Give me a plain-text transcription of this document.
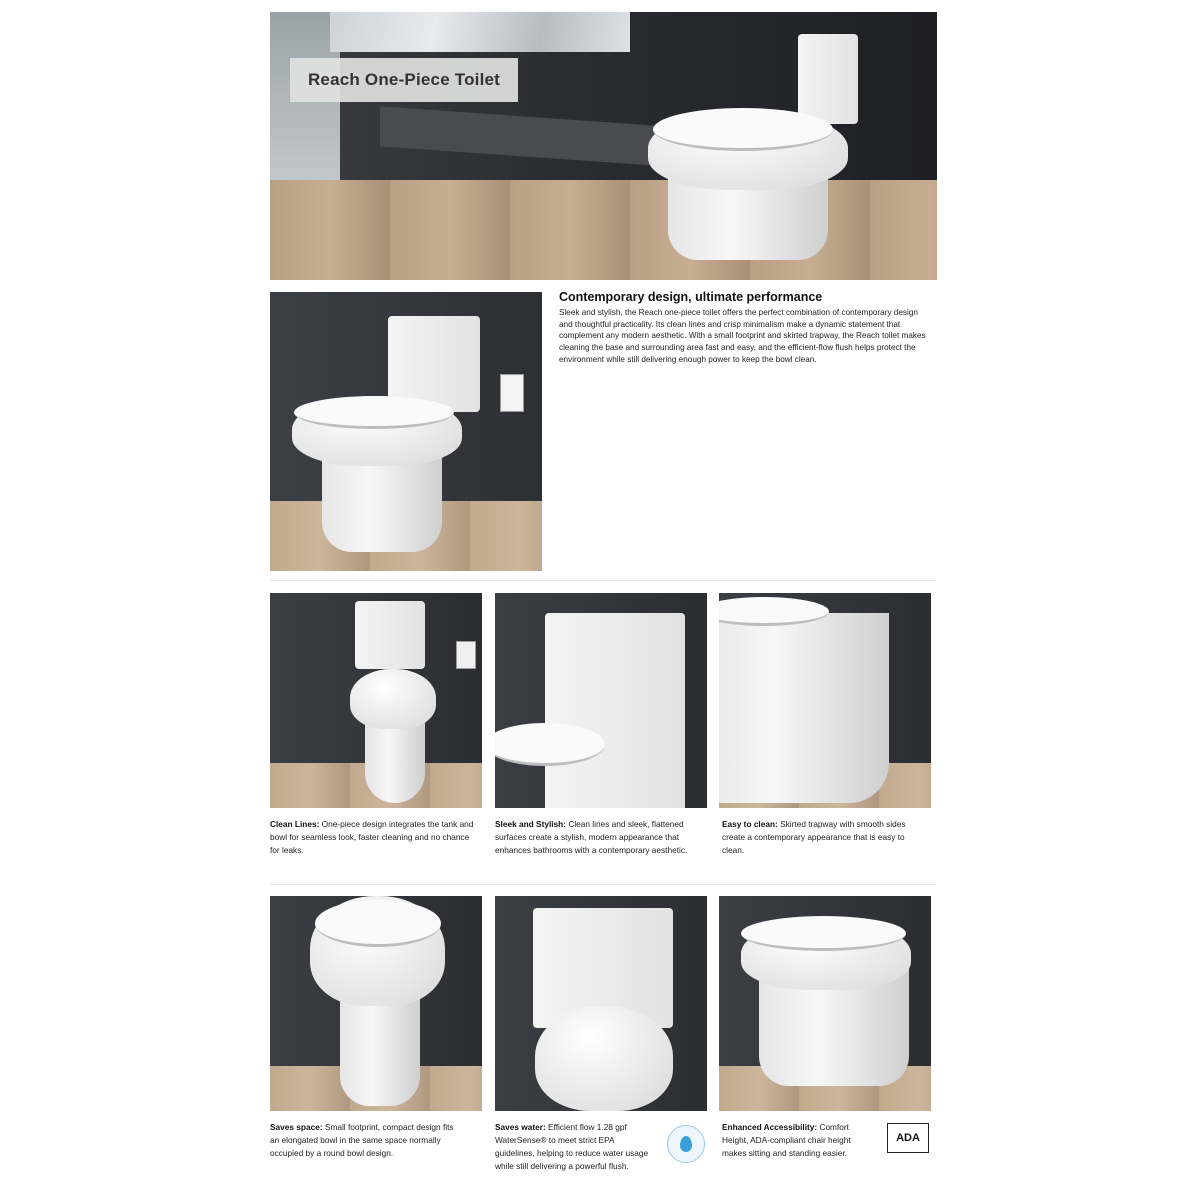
Reach One-Piece Toilet
Contemporary design, ultimate performance

Sleek and stylish, the Reach one-piece toilet offers the perfect combination of contemporary design and thoughtful practicality. Its clean lines and crisp minimalism make a dynamic statement that complement any modern aesthetic. With a small footprint and skirted trapway, the Reach toilet makes cleaning the base and surrounding area fast and easy, and the efficient-flow flush helps protect the environment while still delivering enough power to keep the bowl clean.

Clean Lines: One-piece design integrates the tank and bowl for seamless look, faster cleaning and no chance for leaks.

Sleek and Stylish: Clean lines and sleek, flattened surfaces create a stylish, modern appearance that enhances bathrooms with a contemporary aesthetic.

Easy to clean: Skirted trapway with smooth sides create a contemporary appearance that is easy to clean.

Saves space: Small footprint, compact design fits an elongated bowl in the same space normally occupied by a round bowl design.

Saves water: Efficient flow 1.28 gpf WaterSense® to meet strict EPA guidelines, helping to reduce water usage while still delivering a powerful flush.

Enhanced Accessibility: Comfort Height, ADA-compliant chair height makes sitting and standing easier.

ADA
